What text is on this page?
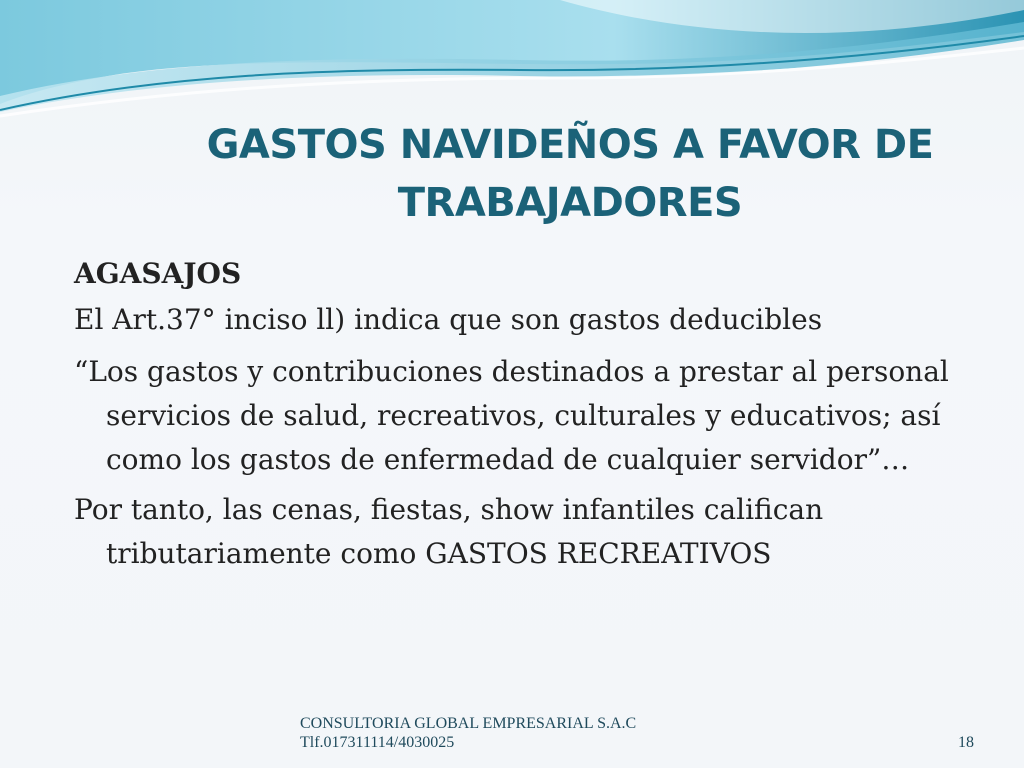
GASTOS NAVIDEÑOS A FAVOR DE TRABAJADORES
AGASAJOS
El Art.37° inciso ll) indica que son gastos deducibles
“Los gastos y contribuciones destinados a prestar al personal servicios de salud, recreativos, culturales y educativos; así como los gastos de enfermedad de cualquier servidor”…
Por tanto, las cenas, fiestas, show infantiles califican tributariamente como GASTOS RECREATIVOS
CONSULTORIA GLOBAL EMPRESARIAL S.A.C
Tlf.017311114/4030025	18
